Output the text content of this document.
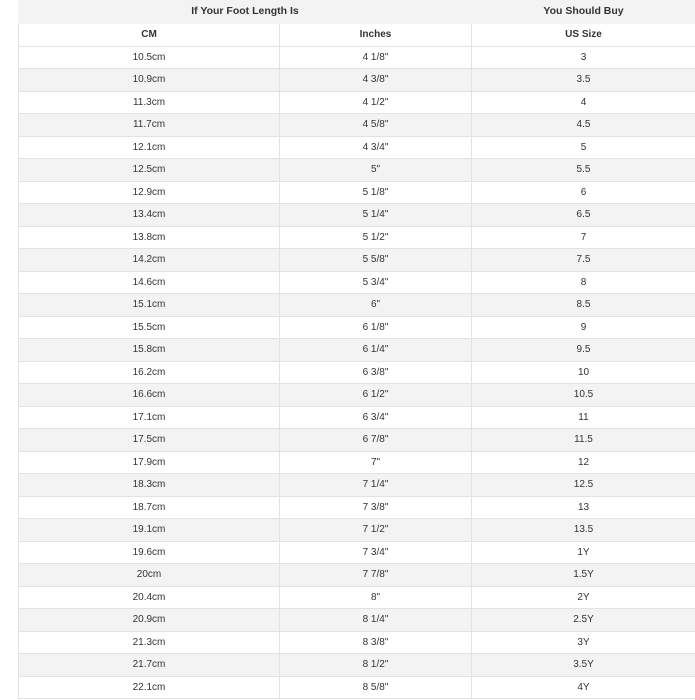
If Your Foot Length Is		You Should Buy
CM	Inches	US Size
10.5cm	4 1/8"	3
10.9cm	4 3/8"	3.5
11.3cm	4 1/2"	4
11.7cm	4 5/8"	4.5
12.1cm	4 3/4"	5
12.5cm	5"	5.5
12.9cm	5 1/8"	6
13.4cm	5 1/4"	6.5
13.8cm	5 1/2"	7
14.2cm	5 5/8"	7.5
14.6cm	5 3/4"	8
15.1cm	6"	8.5
15.5cm	6 1/8"	9
15.8cm	6 1/4"	9.5
16.2cm	6 3/8"	10
16.6cm	6 1/2"	10.5
17.1cm	6 3/4"	11
17.5cm	6 7/8"	11.5
17.9cm	7"	12
18.3cm	7 1/4"	12.5
18.7cm	7 3/8"	13
19.1cm	7 1/2"	13.5
19.6cm	7 3/4"	1Y
20cm	7 7/8"	1.5Y
20.4cm	8"	2Y
20.9cm	8 1/4"	2.5Y
21.3cm	8 3/8"	3Y
21.7cm	8 1/2"	3.5Y
22.1cm	8 5/8"	4Y
